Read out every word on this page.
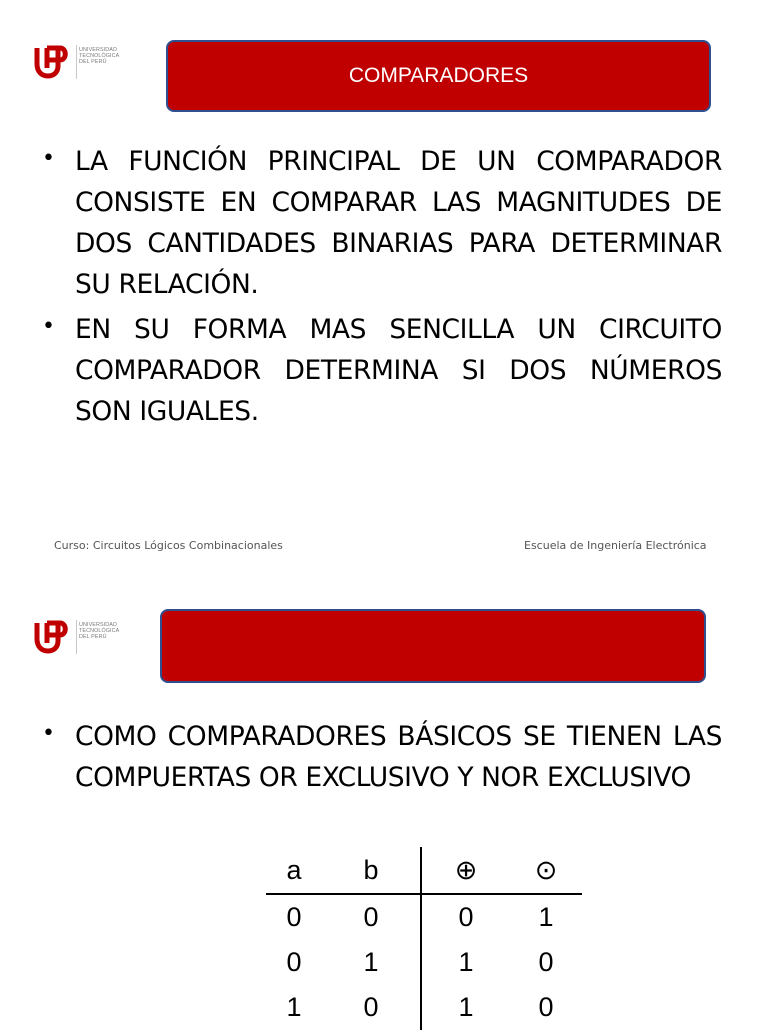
UNIVERSIDAD
TECNOLÓGICA
DEL PERÚ
COMPARADORES
• LA FUNCIÓN PRINCIPAL DE UN COMPARADOR CONSISTE EN COMPARAR LAS MAGNITUDES DE DOS CANTIDADES BINARIAS PARA DETERMINAR SU RELACIÓN.
• EN SU FORMA MAS SENCILLA UN CIRCUITO COMPARADOR DETERMINA SI DOS NÚMEROS SON IGUALES.
Curso: Circuitos Lógicos Combinacionales	Escuela de Ingeniería Electrónica
UNIVERSIDAD
TECNOLÓGICA
DEL PERÚ
• COMO COMPARADORES BÁSICOS SE TIENEN LAS COMPUERTAS OR EXCLUSIVO Y NOR EXCLUSIVO
a	b	⊕	⊙
0	0	0	1
0	1	1	0
1	0	1	0
